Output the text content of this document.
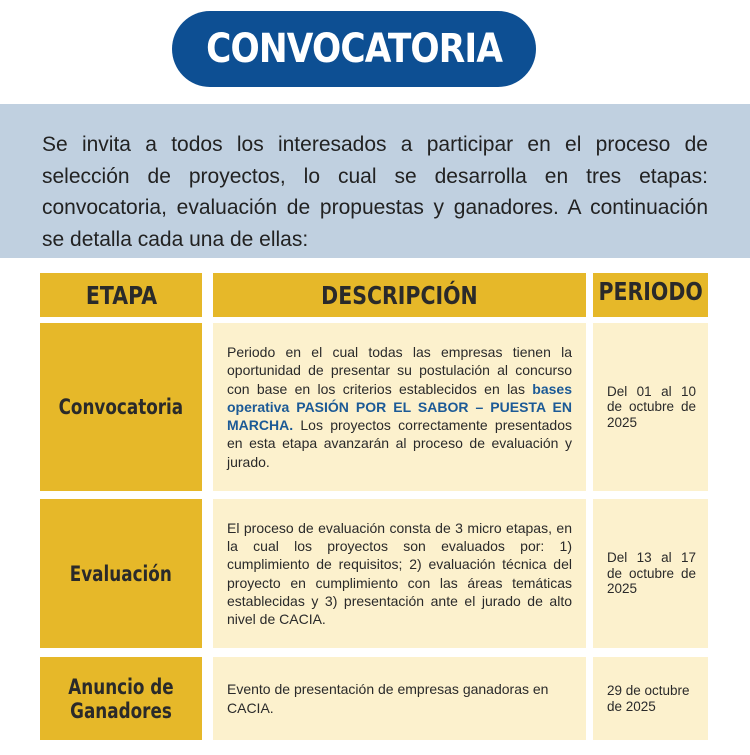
CONVOCATORIA

Se invita a todos los interesados a participar en el proceso de selección de proyectos, lo cual se desarrolla en tres etapas: convocatoria, evaluación de propuestas y ganadores. A continuación se detalla cada una de ellas:

ETAPA	DESCRIPCIÓN	PERIODO
Convocatoria

Periodo en el cual todas las empresas tienen la oportunidad de presentar su postulación al concurso con base en los criterios establecidos en las bases operativa PASIÓN POR EL SABOR – PUESTA EN MARCHA. Los proyectos correctamente presentados en esta etapa avanzarán al proceso de evaluación y jurado.

Del 01 al 10 de octubre de 2025

Evaluación

El proceso de evaluación consta de 3 micro etapas, en la cual los proyectos son evaluados por: 1) cumplimiento de requisitos; 2) evaluación técnica del proyecto en cumplimiento con las áreas temáticas establecidas y 3) presentación ante el jurado de alto nivel de CACIA.

Del 13 al 17 de octubre de 2025

Anuncio de Ganadores

Evento de presentación de empresas ganadoras en CACIA.

29 de octubre de 2025
